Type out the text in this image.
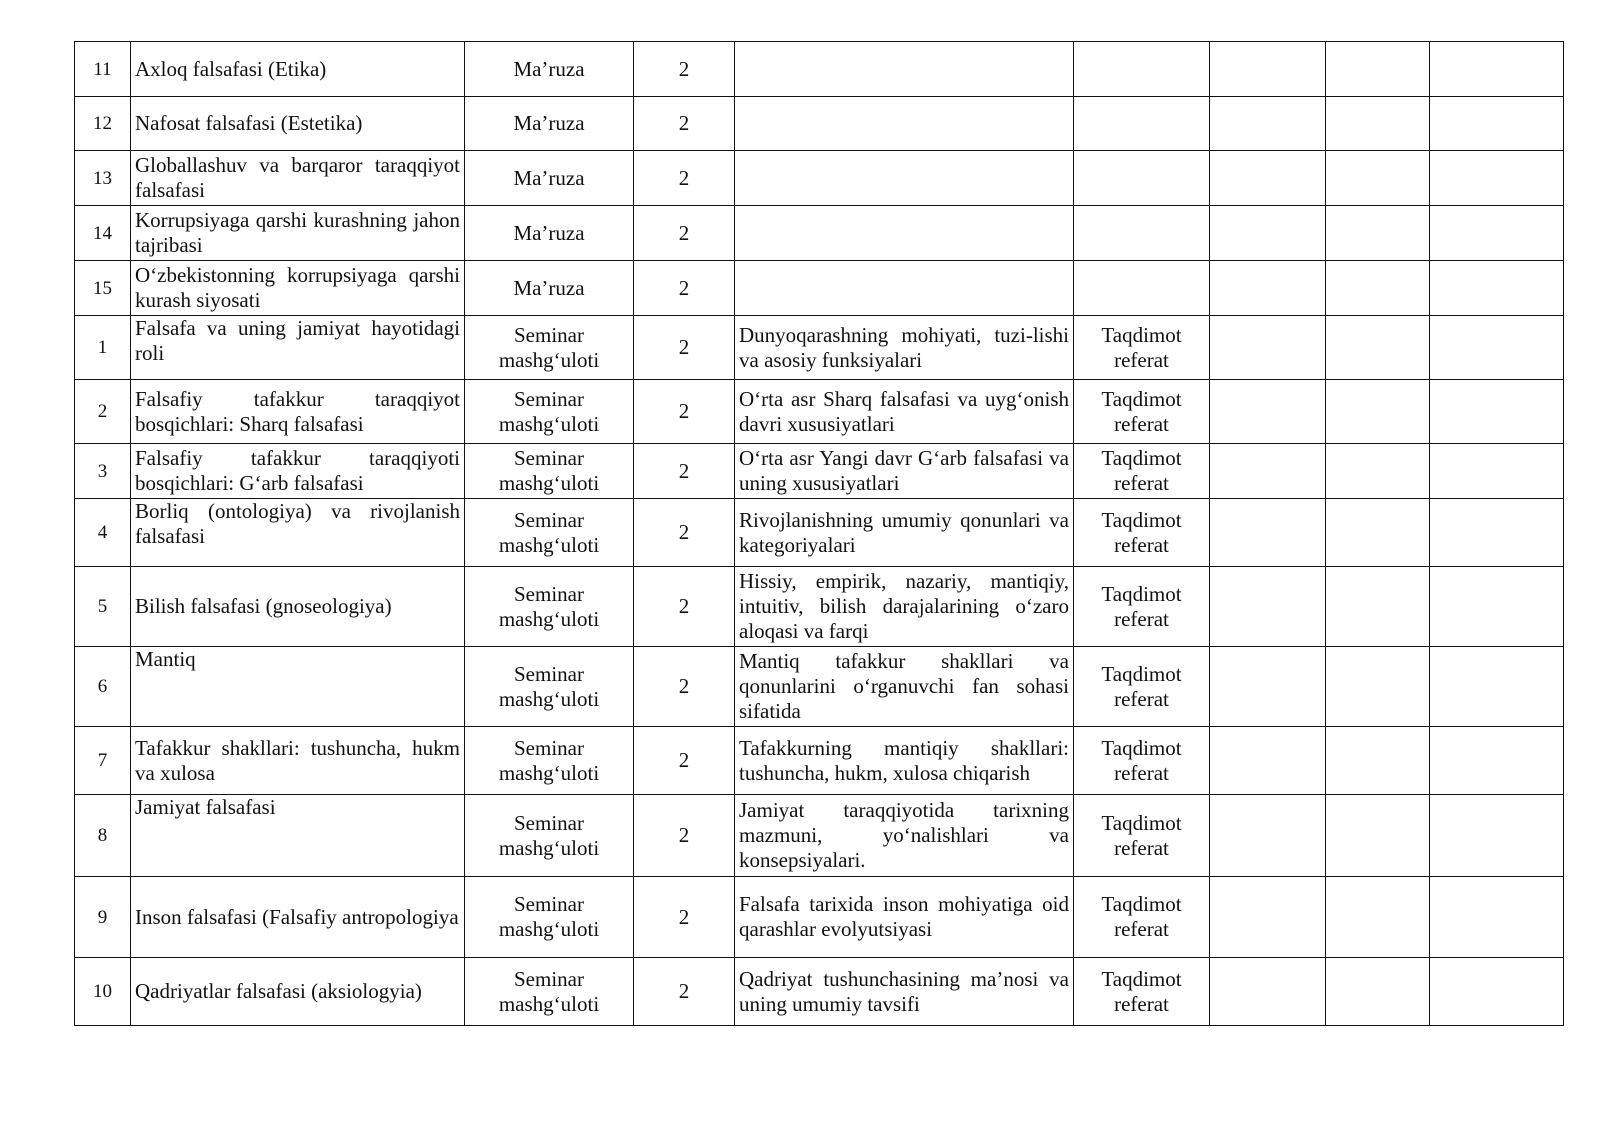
11	Axloq falsafasi (Etika)	Ma’ruza	2					
12	Nafosat falsafasi (Estetika)	Ma’ruza	2					
13	Globallashuv va barqaror taraqqiyot falsafasi	Ma’ruza	2					
14	Korrupsiyaga qarshi kurashning jahon tajribasi	Ma’ruza	2					
15	O‘zbekistonning korrupsiyaga qarshi kurash siyosati	Ma’ruza	2					
1	Falsafa va uning jamiyat hayotidagi roli	Seminar mashg‘uloti	2	Dunyoqarashning mohiyati, tuzi-lishi va asosiy funksiyalari	Taqdimot referat			
2	Falsafiy tafakkur taraqqiyot bosqichlari: Sharq falsafasi	Seminar mashg‘uloti	2	O‘rta asr Sharq falsafasi va uyg‘onish davri xususiyatlari	Taqdimot referat			
3	Falsafiy tafakkur taraqqiyoti bosqichlari: G‘arb falsafasi	Seminar mashg‘uloti	2	O‘rta asr Yangi davr G‘arb falsafasi va uning xususiyatlari	Taqdimot referat			
4	Borliq (ontologiya) va rivojlanish falsafasi	Seminar mashg‘uloti	2	Rivojlanishning umumiy qonunlari va kategoriyalari	Taqdimot referat			
5	Bilish falsafasi (gnoseologiya)	Seminar mashg‘uloti	2	Hissiy, empirik, nazariy, mantiqiy, intuitiv, bilish darajalarining o‘zaro aloqasi va farqi	Taqdimot referat			
6	Mantiq	Seminar mashg‘uloti	2	Mantiq tafakkur shakllari va qonunlarini o‘rganuvchi fan sohasi sifatida	Taqdimot referat			
7	Tafakkur shakllari: tushuncha, hukm va xulosa	Seminar mashg‘uloti	2	Tafakkurning mantiqiy shakllari: tushuncha, hukm, xulosa chiqarish	Taqdimot referat			
8	Jamiyat falsafasi	Seminar mashg‘uloti	2	Jamiyat taraqqiyotida tarixning mazmuni, yo‘nalishlari va konsepsiyalari.	Taqdimot referat			
9	Inson falsafasi (Falsafiy antropologiya	Seminar mashg‘uloti	2	Falsafa tarixida inson mohiyatiga oid qarashlar evolyutsiyasi	Taqdimot referat			
10	Qadriyatlar falsafasi (aksiologyia)	Seminar mashg‘uloti	2	Qadriyat tushunchasining ma’nosi va uning umumiy tavsifi	Taqdimot referat			
